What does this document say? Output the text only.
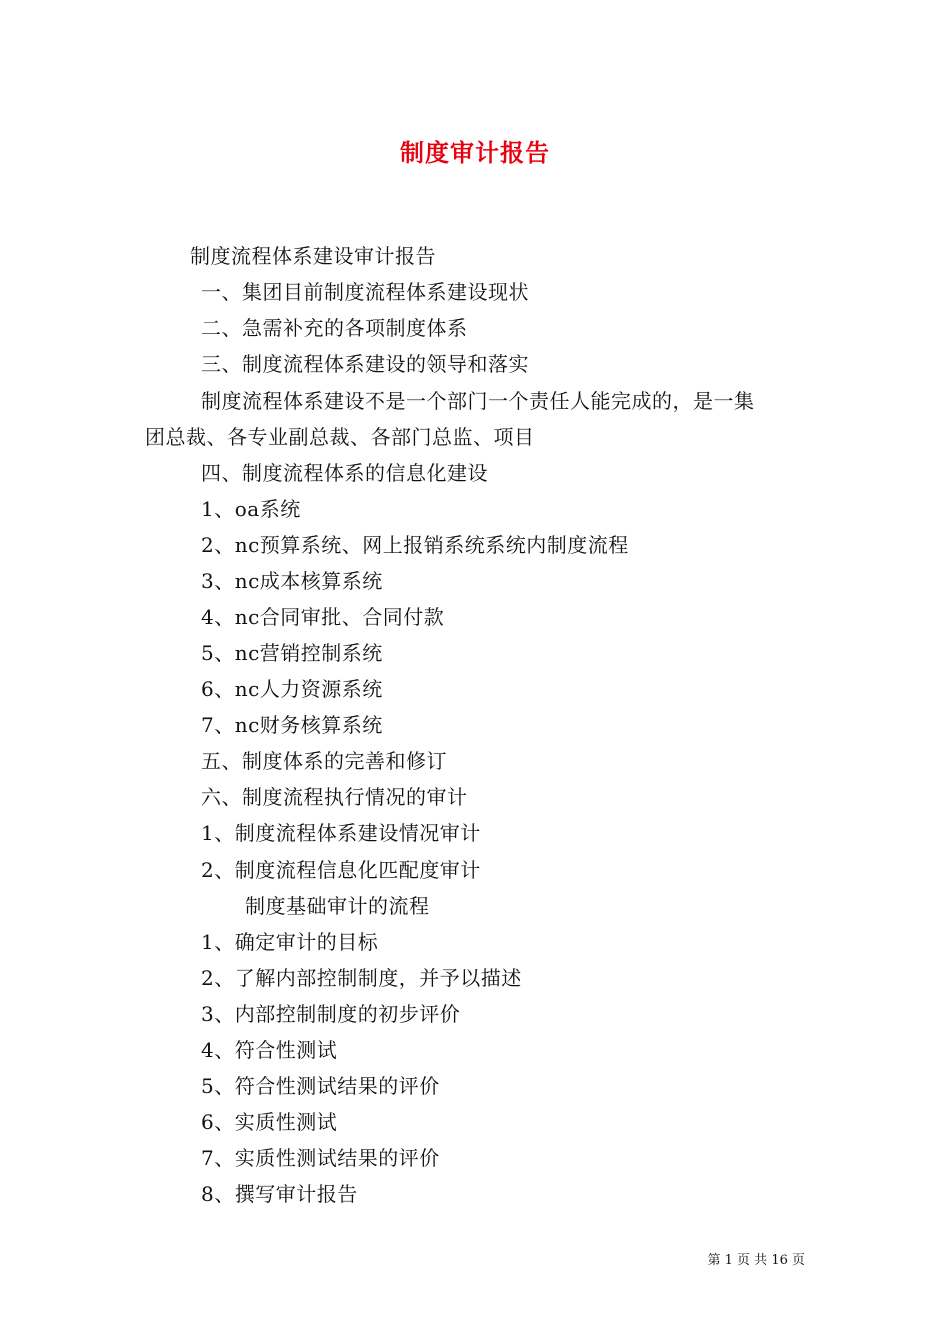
制度审计报告
制度流程体系建设审计报告
一、集团目前制度流程体系建设现状
二、急需补充的各项制度体系
三、制度流程体系建设的领导和落实
制度流程体系建设不是一个部门一个责任人能完成的，是一集
团总裁、各专业副总裁、各部门总监、项目
四、制度流程体系的信息化建设
1、oa系统
2、nc预算系统、网上报销系统系统内制度流程
3、nc成本核算系统
4、nc合同审批、合同付款
5、nc营销控制系统
6、nc人力资源系统
7、nc财务核算系统
五、制度体系的完善和修订
六、制度流程执行情况的审计
1、制度流程体系建设情况审计
2、制度流程信息化匹配度审计
制度基础审计的流程
1、确定审计的目标
2、了解内部控制制度，并予以描述
3、内部控制制度的初步评价
4、符合性测试
5、符合性测试结果的评价
6、实质性测试
7、实质性测试结果的评价
8、撰写审计报告
第 1 页 共 16 页
